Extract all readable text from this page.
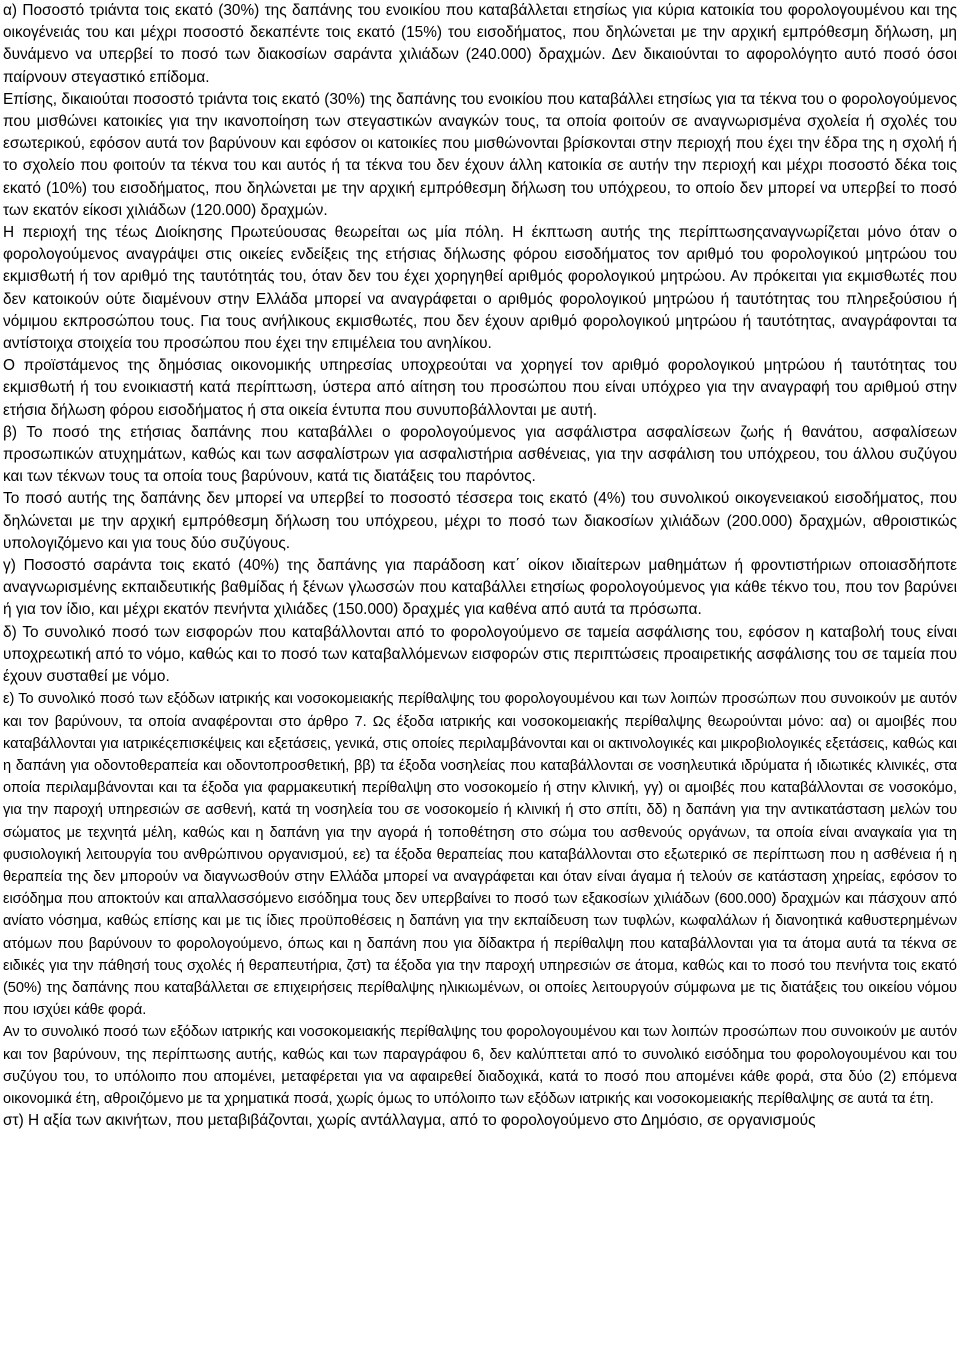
α) Ποσοστό τριάντα τοις εκατό (30%) της δαπάνης του ενοικίου που καταβάλλεται ετησίως για κύρια κατοικία του φορολογουμένου και της οικογένειάς του και μέχρι ποσοστό δεκαπέντε τοις εκατό (15%) του εισοδήματος, που δηλώνεται με την αρχική εμπρόθεσμη δήλωση, μη δυνάμενο να υπερβεί το ποσό των διακοσίων σαράντα χιλιάδων (240.000) δραχμών. Δεν δικαιούνται το αφορολόγητο αυτό ποσό όσοι παίρνουν στεγαστικό επίδομα.

Επίσης, δικαιούται ποσοστό τριάντα τοις εκατό (30%) της δαπάνης του ενοικίου που καταβάλλει ετησίως για τα τέκνα του ο φορολογούμενος που μισθώνει κατοικίες για την ικανοποίηση των στεγαστικών αναγκών τους, τα οποία φοιτούν σε αναγνωρισμένα σχολεία ή σχολές του εσωτερικού, εφόσον αυτά τον βαρύνουν και εφόσον οι κατοικίες που μισθώνονται βρίσκονται στην περιοχή που έχει την έδρα της η σχολή ή το σχολείο που φοιτούν τα τέκνα του και αυτός ή τα τέκνα του δεν έχουν άλλη κατοικία σε αυτήν την περιοχή και μέχρι ποσοστό δέκα τοις εκατό (10%) του εισοδήματος, που δηλώνεται με την αρχική εμπρόθεσμη δήλωση του υπόχρεου, το οποίο δεν μπορεί να υπερβεί το ποσό των εκατόν είκοσι χιλιάδων (120.000) δραχμών.

Η περιοχή της τέως Διοίκησης Πρωτεύουσας θεωρείται ως μία πόλη. Η έκπτωση αυτής της περίπτωσηςαναγνωρίζεται μόνο όταν ο φορολογούμενος αναγράψει στις οικείες ενδείξεις της ετήσιας δήλωσης φόρου εισοδήματος τον αριθμό του φορολογικού μητρώου του εκμισθωτή ή τον αριθμό της ταυτότητάς του, όταν δεν του έχει χορηγηθεί αριθμός φορολογικού μητρώου. Αν πρόκειται για εκμισθωτές που δεν κατοικούν ούτε διαμένουν στην Ελλάδα μπορεί να αναγράφεται ο αριθμός φορολογικού μητρώου ή ταυτότητας του πληρεξούσιου ή νόμιμου εκπροσώπου τους. Για τους ανήλικους εκμισθωτές, που δεν έχουν αριθμό φορολογικού μητρώου ή ταυτότητας, αναγράφονται τα αντίστοιχα στοιχεία του προσώπου που έχει την επιμέλεια του ανηλίκου.

Ο προϊστάμενος της δημόσιας οικονομικής υπηρεσίας υποχρεούται να χορηγεί τον αριθμό φορολογικού μητρώου ή ταυτότητας του εκμισθωτή ή του ενοικιαστή κατά περίπτωση, ύστερα από αίτηση του προσώπου που είναι υπόχρεο για την αναγραφή του αριθμού στην ετήσια δήλωση φόρου εισοδήματος ή στα οικεία έντυπα που συνυποβάλλονται με αυτή.

β) Το ποσό της ετήσιας δαπάνης που καταβάλλει ο φορολογούμενος για ασφάλιστρα ασφαλίσεων ζωής ή θανάτου, ασφαλίσεων προσωπικών ατυχημάτων, καθώς και των ασφαλίστρων για ασφαλιστήρια ασθένειας, για την ασφάλιση του υπόχρεου, του άλλου συζύγου και των τέκνων τους τα οποία τους βαρύνουν, κατά τις διατάξεις του παρόντος.

Το ποσό αυτής της δαπάνης δεν μπορεί να υπερβεί το ποσοστό τέσσερα τοις εκατό (4%) του συνολικού οικογενειακού εισοδήματος, που δηλώνεται με την αρχική εμπρόθεσμη δήλωση του υπόχρεου, μέχρι το ποσό των διακοσίων χιλιάδων (200.000) δραχμών, αθροιστικώς υπολογιζόμενο και για τους δύο συζύγους.

γ) Ποσοστό σαράντα τοις εκατό (40%) της δαπάνης για παράδοση κατ΄ οίκον ιδιαίτερων μαθημάτων ή φροντιστήριων οποιασδήποτε αναγνωρισμένης εκπαιδευτικής βαθμίδας ή ξένων γλωσσών που καταβάλλει ετησίως φορολογούμενος για κάθε τέκνο του, που τον βαρύνει ή για τον ίδιο, και μέχρι εκατόν πενήντα χιλιάδες (150.000) δραχμές για καθένα από αυτά τα πρόσωπα.

δ) Το συνολικό ποσό των εισφορών που καταβάλλονται από το φορολογούμενο σε ταμεία ασφάλισης του, εφόσον η καταβολή τους είναι υποχρεωτική από το νόμο, καθώς και το ποσό των καταβαλλόμενων εισφορών στις περιπτώσεις προαιρετικής ασφάλισης του σε ταμεία που έχουν συσταθεί με νόμο.

ε) Το συνολικό ποσό των εξόδων ιατρικής και νοσοκομειακής περίθαλψης του φορολογουμένου και των λοιπών προσώπων που συνοικούν με αυτόν και τον βαρύνουν, τα οποία αναφέρονται στο άρθρο 7. Ως έξοδα ιατρικής και νοσοκομειακής περίθαλψης θεωρούνται μόνο: αα) οι αμοιβές που καταβάλλονται για ιατρικέςεπισκέψεις και εξετάσεις, γενικά, στις οποίες περιλαμβάνονται και οι ακτινολογικές και μικροβιολογικές εξετάσεις, καθώς και η δαπάνη για οδοντοθεραπεία και οδοντοπροσθετική, ββ) τα έξοδα νοσηλείας που καταβάλλονται σε νοσηλευτικά ιδρύματα ή ιδιωτικές κλινικές, στα οποία περιλαμβάνονται και τα έξοδα για φαρμακευτική περίθαλψη στο νοσοκομείο ή στην κλινική, γγ) οι αμοιβές που καταβάλλονται σε νοσοκόμο, για την παροχή υπηρεσιών σε ασθενή, κατά τη νοσηλεία του σε νοσοκομείο ή κλινική ή στο σπίτι, δδ) η δαπάνη για την αντικατάσταση μελών του σώματος με τεχνητά μέλη, καθώς και η δαπάνη για την αγορά ή τοποθέτηση στο σώμα του ασθενούς οργάνων, τα οποία είναι αναγκαία για τη φυσιολογική λειτουργία του ανθρώπινου οργανισμού, εε) τα έξοδα θεραπείας που καταβάλλονται στο εξωτερικό σε περίπτωση που η ασθένεια ή η θεραπεία της δεν μπορούν να διαγνωσθούν στην Ελλάδα μπορεί να αναγράφεται και όταν είναι άγαμα ή τελούν σε κατάσταση χηρείας, εφόσον το εισόδημα που αποκτούν και απαλλασσόμενο εισόδημα τους δεν υπερβαίνει το ποσό των εξακοσίων χιλιάδων (600.000) δραχμών και πάσχουν από ανίατο νόσημα, καθώς επίσης και με τις ίδιες προϋποθέσεις η δαπάνη για την εκπαίδευση των τυφλών, κωφαλάλων ή διανοητικά καθυστερημένων ατόμων που βαρύνουν το φορολογούμενο, όπως και η δαπάνη που για δίδακτρα ή περίθαλψη που καταβάλλονται για τα άτομα αυτά τα τέκνα σε ειδικές για την πάθησή τους σχολές ή θεραπευτήρια, ζστ) τα έξοδα για την παροχή υπηρεσιών σε άτομα, καθώς και το ποσό του πενήντα τοις εκατό (50%) της δαπάνης που καταβάλλεται σε επιχειρήσεις περίθαλψης ηλικιωμένων, οι οποίες λειτουργούν σύμφωνα με τις διατάξεις του οικείου νόμου που ισχύει κάθε φορά.

Αν το συνολικό ποσό των εξόδων ιατρικής και νοσοκομειακής περίθαλψης του φορολογουμένου και των λοιπών προσώπων που συνοικούν με αυτόν και τον βαρύνουν, της περίπτωσης αυτής, καθώς και των παραγράφου 6, δεν καλύπτεται από το συνολικό εισόδημα του φορολογουμένου και του συζύγου του, το υπόλοιπο που απομένει, μεταφέρεται για να αφαιρεθεί διαδοχικά, κατά το ποσό που απομένει κάθε φορά, στα δύο (2) επόμενα οικονομικά έτη, αθροιζόμενο με τα χρηματικά ποσά, χωρίς όμως το υπόλοιπο των εξόδων ιατρικής και νοσοκομειακής περίθαλψης σε αυτά τα έτη.

στ) Η αξία των ακινήτων, που μεταβιβάζονται, χωρίς αντάλλαγμα, από το φορολογούμενο στο Δημόσιο, σε οργανισμούς
